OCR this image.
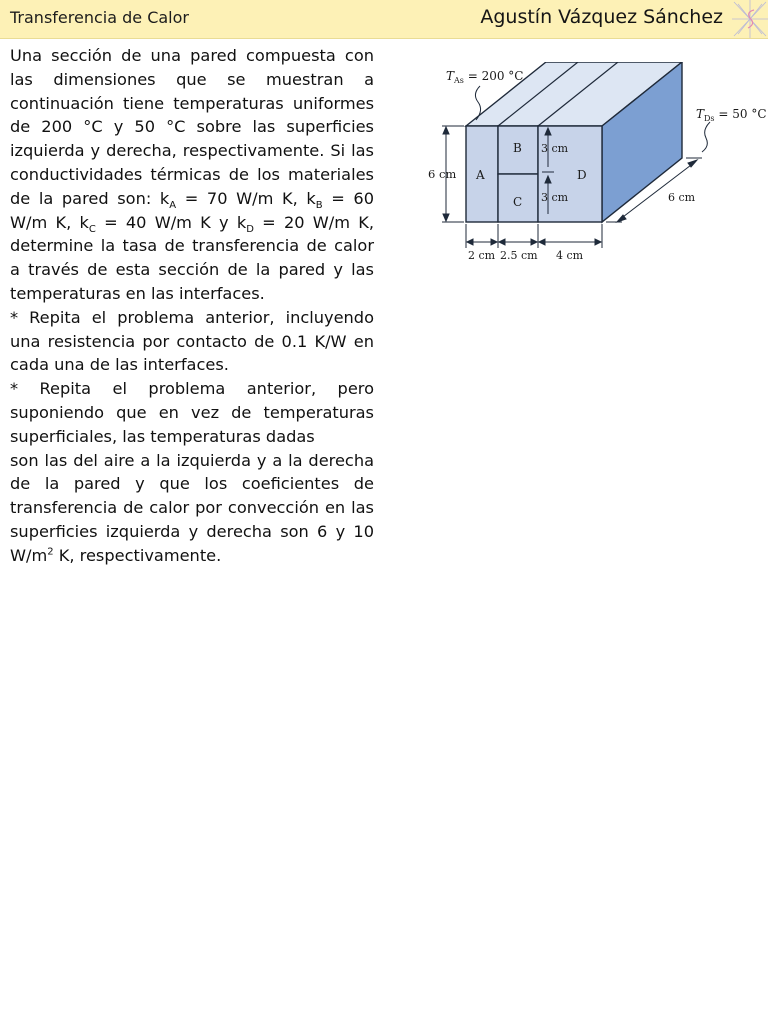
Transferencia de Calor	Agustín Vázquez Sánchez

Una sección de una pared compuesta con las dimensiones que se muestran a continuación tiene temperaturas uniformes de 200 °C y 50 °C sobre las superficies izquierda y derecha, respectivamente. Si las conductividades térmicas de los materiales de la pared son: $k_A = 70$ W/m K, $k_B = 60$ W/m K, $k_C = 40$ W/m K y $k_D = 20$ W/m K, determine la tasa de transferencia de calor a través de esta sección de la pared y las temperaturas en las interfaces.

* Repita el problema anterior, incluyendo una resistencia por contacto de 0.1 K/W en cada una de las interfaces.

* Repita el problema anterior, pero suponiendo que en vez de temperaturas superficiales, las temperaturas dadas

son las del aire a la izquierda y a la derecha de la pared y que los coeficientes de transferencia de calor por convección en las superficies izquierda y derecha son 6 y 10 $W/m^2$ K, respectivamente.

A
B
C
D
3 cm
3 cm
6 cm
2 cm 2.5 cm 4 cm
6 cm
$T_{As} = 200$ °C
$T_{Ds} = 50$ °C
